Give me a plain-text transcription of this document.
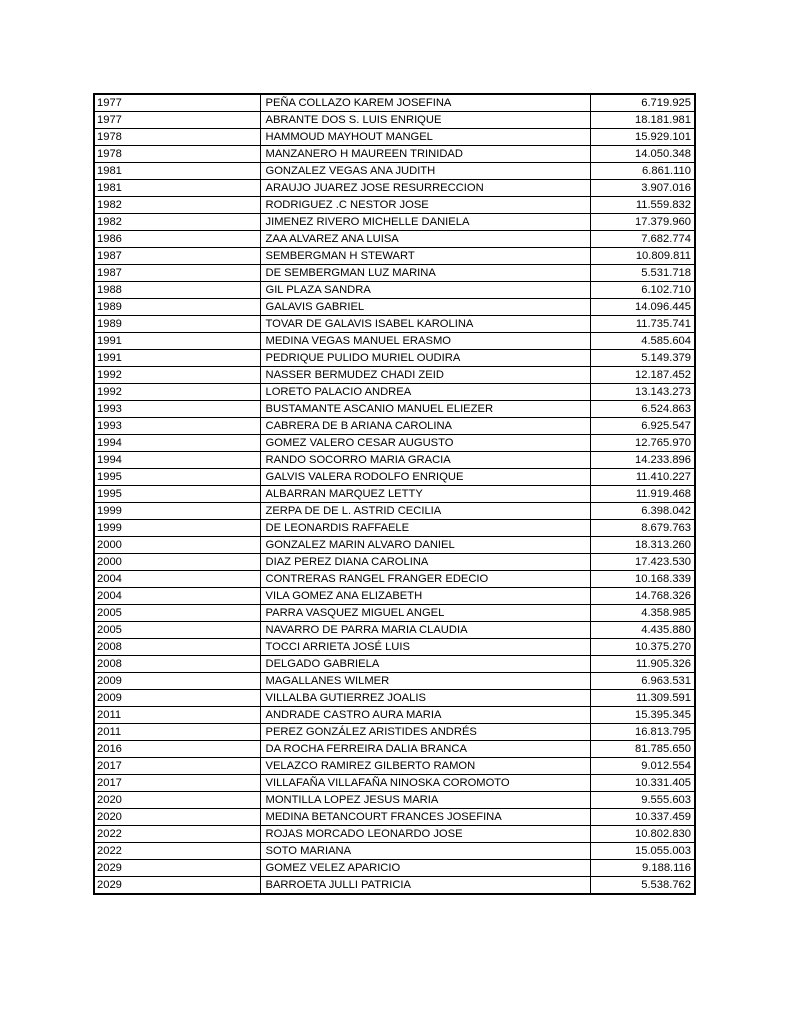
1977	PEÑA COLLAZO KAREM JOSEFINA	6.719.925
1977	ABRANTE DOS S. LUIS ENRIQUE	18.181.981
1978	HAMMOUD MAYHOUT MANGEL	15.929.101
1978	MANZANERO H MAUREEN TRINIDAD	14.050.348
1981	GONZALEZ VEGAS ANA JUDITH	6.861.110
1981	ARAUJO JUAREZ JOSE RESURRECCION	3.907.016
1982	RODRIGUEZ .C NESTOR JOSE	11.559.832
1982	JIMENEZ RIVERO MICHELLE DANIELA	17.379.960
1986	ZAA ALVAREZ ANA LUISA	7.682.774
1987	SEMBERGMAN H STEWART	10.809.811
1987	DE SEMBERGMAN LUZ MARINA	5.531.718
1988	GIL PLAZA SANDRA	6.102.710
1989	GALAVIS GABRIEL	14.096.445
1989	TOVAR DE GALAVIS ISABEL KAROLINA	11.735.741
1991	MEDINA VEGAS MANUEL ERASMO	4.585.604
1991	PEDRIQUE PULIDO MURIEL OUDIRA	5.149.379
1992	NASSER BERMUDEZ CHADI ZEID	12.187.452
1992	LORETO PALACIO ANDREA	13.143.273
1993	BUSTAMANTE ASCANIO MANUEL ELIEZER	6.524.863
1993	CABRERA DE B ARIANA CAROLINA	6.925.547
1994	GOMEZ VALERO CESAR AUGUSTO	12.765.970
1994	RANDO SOCORRO MARIA GRACIA	14.233.896
1995	GALVIS VALERA RODOLFO ENRIQUE	11.410.227
1995	ALBARRAN MARQUEZ LETTY	11.919.468
1999	ZERPA DE DE L. ASTRID CECILIA	6.398.042
1999	DE LEONARDIS RAFFAELE	8.679.763
2000	GONZALEZ MARIN ALVARO DANIEL	18.313.260
2000	DIAZ PEREZ DIANA CAROLINA	17.423.530
2004	CONTRERAS RANGEL FRANGER EDECIO	10.168.339
2004	VILA GOMEZ ANA ELIZABETH	14.768.326
2005	PARRA VASQUEZ MIGUEL ANGEL	4.358.985
2005	NAVARRO DE PARRA MARIA CLAUDIA	4.435.880
2008	TOCCI ARRIETA JOSÉ LUIS	10.375.270
2008	DELGADO GABRIELA	11.905.326
2009	MAGALLANES WILMER	6.963.531
2009	VILLALBA GUTIERREZ JOALIS	11.309.591
2011	ANDRADE CASTRO AURA MARIA	15.395.345
2011	PEREZ GONZÁLEZ ARISTIDES ANDRÉS	16.813.795
2016	DA ROCHA FERREIRA DALIA BRANCA	81.785.650
2017	VELAZCO RAMIREZ GILBERTO RAMON	9.012.554
2017	VILLAFAÑA VILLAFAÑA NINOSKA COROMOTO	10.331.405
2020	MONTILLA LOPEZ JESUS MARIA	9.555.603
2020	MEDINA BETANCOURT FRANCES JOSEFINA	10.337.459
2022	ROJAS MORCADO LEONARDO JOSE	10.802.830
2022	SOTO MARIANA	15.055.003
2029	GOMEZ VELEZ APARICIO	9.188.116
2029	BARROETA JULLI PATRICIA	5.538.762
